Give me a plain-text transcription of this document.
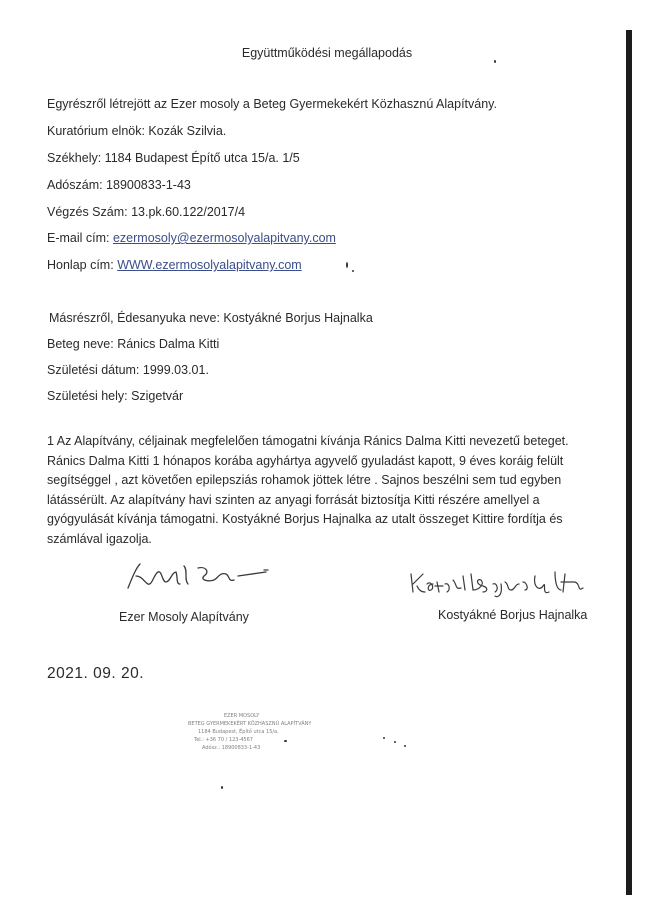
Együttműködési megállapodás

Egyrészről létrejött az Ezer mosoly a Beteg Gyermekekért Közhasznú Alapítvány.

Kuratórium elnök: Kozák Szilvia.

Székhely: 1184 Budapest Építő utca 15/a. 1/5

Adószám: 18900833-1-43

Végzés Szám: 13.pk.60.122/2017/4

E-mail cím: ezermosoly@ezermosolyalapitvany.com

Honlap cím: WWW.ezermosolyalapitvany.com

Másrészről, Édesanyuka neve: Kostyákné Borjus Hajnalka

Beteg neve: Ránics Dalma Kitti

Születési dátum: 1999.03.01.

Születési hely: Szigetvár

1 Az Alapítvány, céljainak megfelelően támogatni kívánja Ránics Dalma Kitti nevezetű beteget. Ránics Dalma Kitti 1 hónapos korába agyhártya agyvelő gyuladást kapott, 9 éves koráig felült segítséggel , azt követően epilepsziás rohamok jöttek létre . Sajnos beszélni sem tud egyben látássérült. Az alapítvány havi szinten az anyagi forrását biztosítja Kitti részére amellyel a gyógyulását kívánja támogatni. Kostyákné Borjus Hajnalka az utalt összeget Kittire fordítja és számlával igazolja.

Ezer Mosoly Alapítvány	Kostyákné Borjus Hajnalka
2021. 09. 20.
EZER MOSOLY
BETEG GYERMEKEKÉRT KÖZHASZNÚ ALAPÍTVÁNY
1184 Budapest, Építő utca 15/a.
Tel.: +36 70 / 123-4567
Adósz.: 18900833-1-43
